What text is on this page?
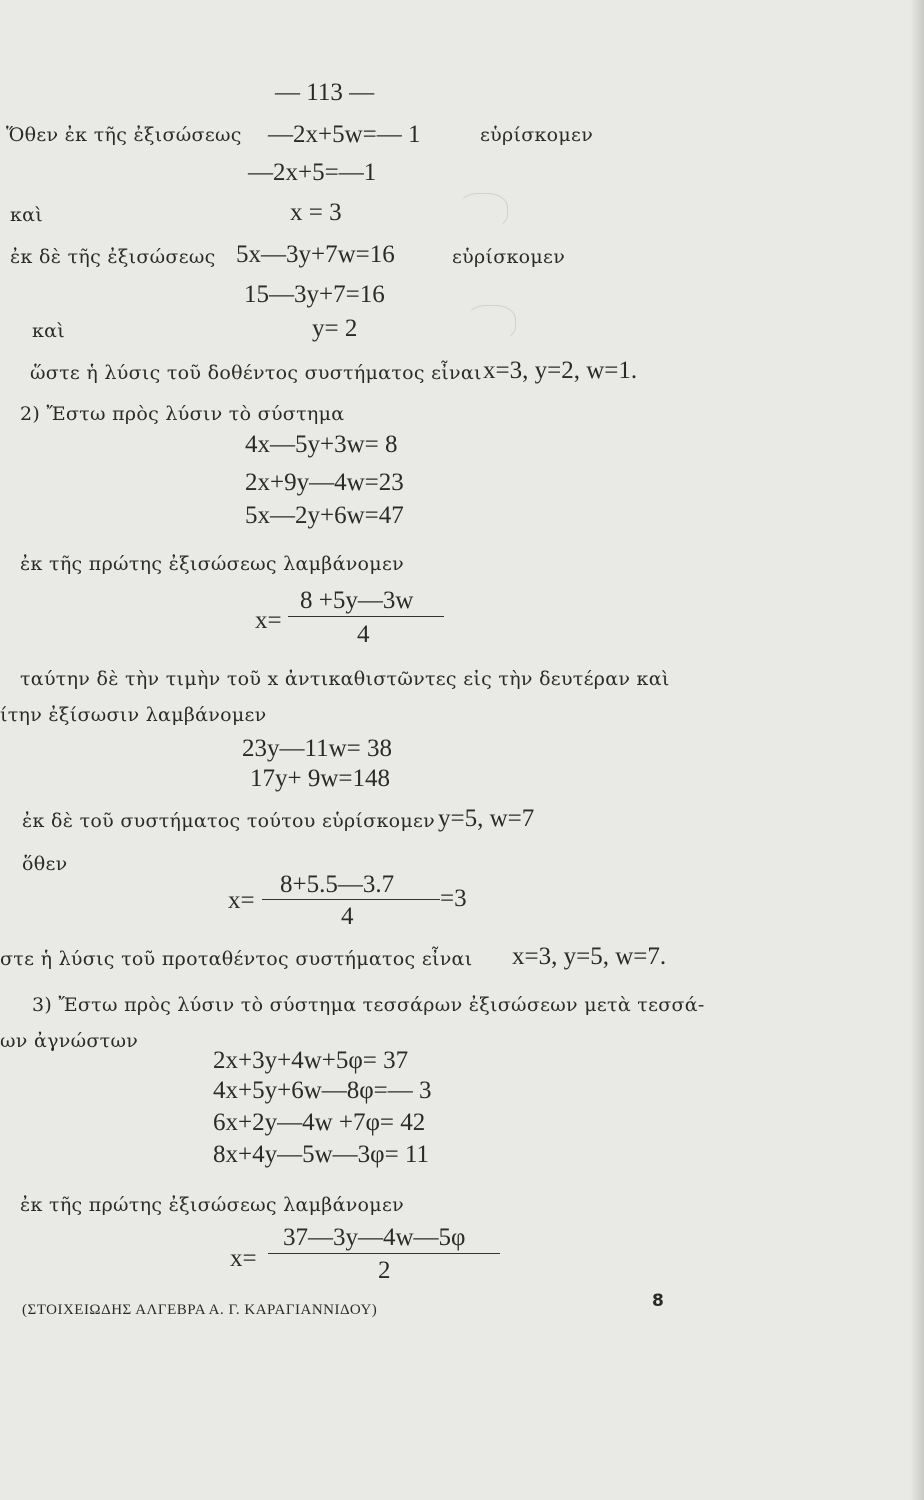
— 113 —
Ὅθεν ἐκ τῆς ἐξισώσεως —2x+5w=— 1	εὑρίσκομεν
—2x+5=—1
καὶ	x = 3
ἐκ δὲ τῆς ἐξισώσεως 5x—3y+7w=16	εὑρίσκομεν
15—3y+7=16
καὶ	y= 2
ὥστε ἡ λύσις τοῦ δοθέντος συστήματος εἶναι x=3, y=2, w=1.
2) Ἔστω πρὸς λύσιν τὸ σύστημα
4x—5y+3w= 8
2x+9y—4w=23
5x—2y+6w=47
ἐκ τῆς πρώτης ἐξισώσεως λαμβάνομεν
x=
8 +5y—3w
4
ταύτην δὲ τὴν τιμὴν τοῦ x ἀντικαθιστῶντες εἰς τὴν δευτέραν καὶ
ίτην ἐξίσωσιν λαμβάνομεν
23y—11w= 38
17y+ 9w=148
ἐκ δὲ τοῦ συστήματος τούτου εὑρίσκομεν y=5, w=7
ὅθεν
x=
8+5.5—3.7
4
=3
στε ἡ λύσις τοῦ προταθέντος συστήματος εἶναι x=3, y=5, w=7.
3) Ἔστω πρὸς λύσιν τὸ σύστημα τεσσάρων ἐξισώσεων μετὰ τεσσά-
ων ἀγνώστων
2x+3y+4w+5φ= 37
4x+5y+6w—8φ=— 3
6x+2y—4w +7φ= 42
8x+4y—5w—3φ= 11
ἐκ τῆς πρώτης ἐξισώσεως λαμβάνομεν
x=
37—3y—4w—5φ
2
(ΣΤΟΙΧΕΙΩΔΗΣ ΑΛΓΕΒΡΑ Α. Γ. ΚΑΡΑΓΙΑΝΝΙΔΟΥ)	8
